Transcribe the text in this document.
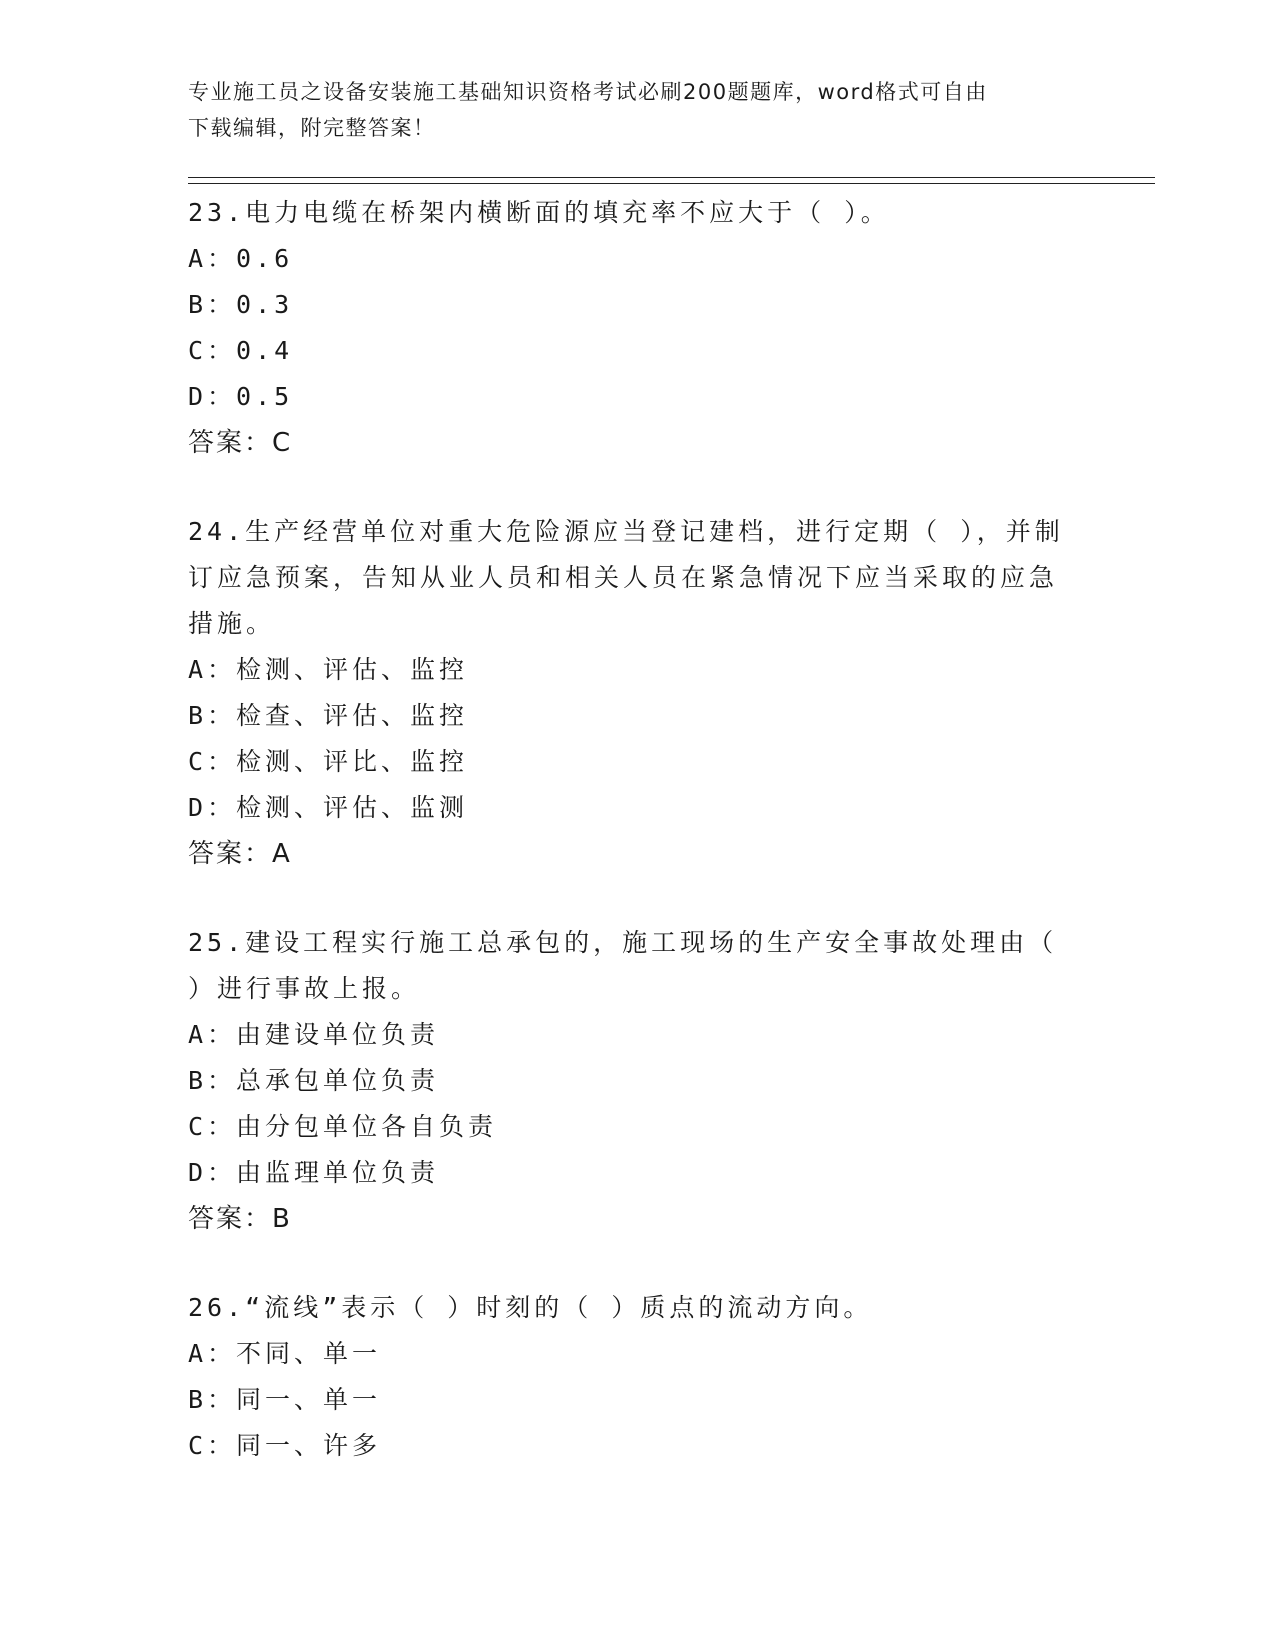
专业施工员之设备安装施工基础知识资格考试必刷200题题库，word格式可自由
下载编辑，附完整答案！
23.电力电缆在桥架内横断面的填充率不应大于（ ）。
A：0.6
B：0.3
C：0.4
D：0.5
答案：C
24.生产经营单位对重大危险源应当登记建档，进行定期（ ），并制
订应急预案，告知从业人员和相关人员在紧急情况下应当采取的应急
措施。
A：检测、评估、监控
B：检查、评估、监控
C：检测、评比、监控
D：检测、评估、监测
答案：A
25.建设工程实行施工总承包的，施工现场的生产安全事故处理由（
）进行事故上报。
A：由建设单位负责
B：总承包单位负责
C：由分包单位各自负责
D：由监理单位负责
答案：B
26.“流线”表示（ ）时刻的（ ）质点的流动方向。
A：不同、单一
B：同一、单一
C：同一、许多
